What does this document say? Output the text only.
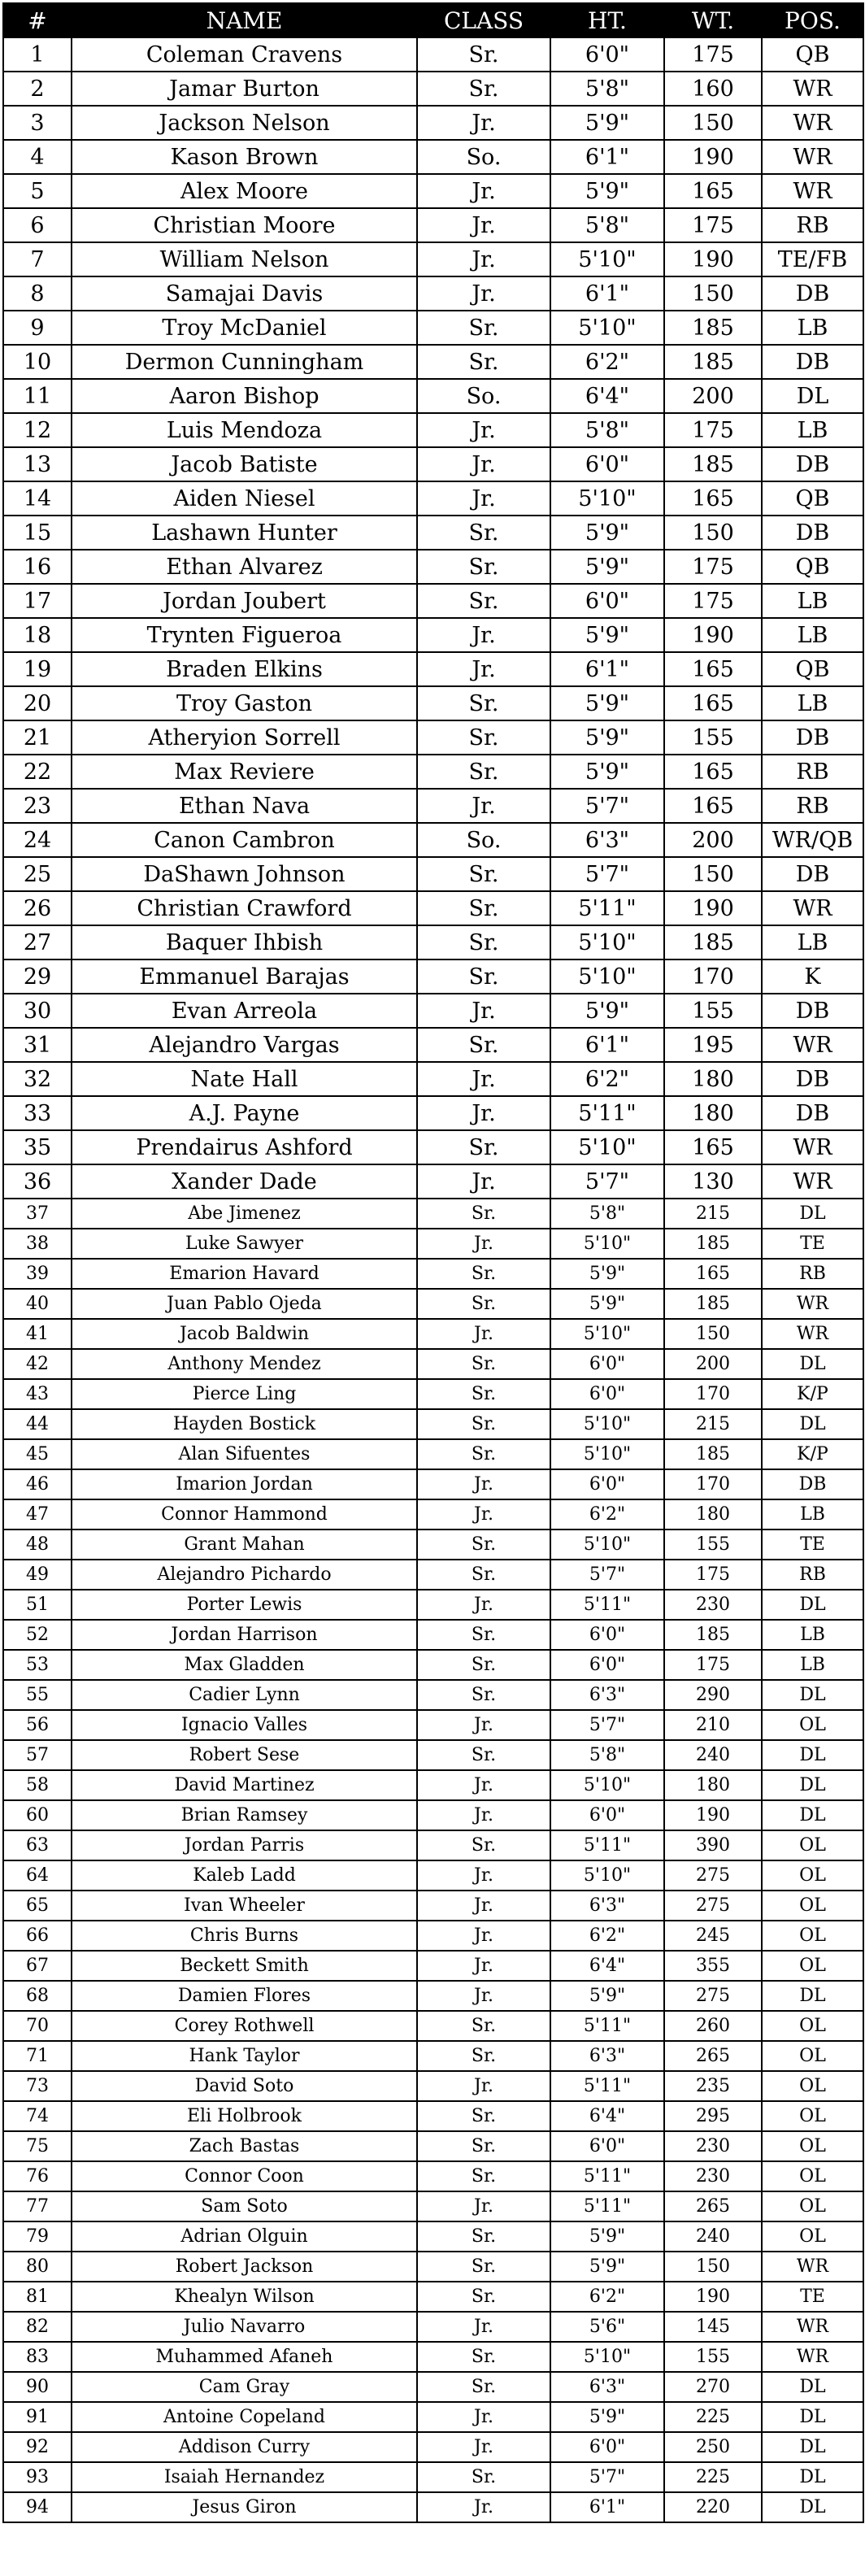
#	NAME	CLASS	HT.	WT.	POS.
1	Coleman Cravens	Sr.	6'0"	175	QB
2	Jamar Burton	Sr.	5'8"	160	WR
3	Jackson Nelson	Jr.	5'9"	150	WR
4	Kason Brown	So.	6'1"	190	WR
5	Alex Moore	Jr.	5'9"	165	WR
6	Christian Moore	Jr.	5'8"	175	RB
7	William Nelson	Jr.	5'10"	190	TE/FB
8	Samajai Davis	Jr.	6'1"	150	DB
9	Troy McDaniel	Sr.	5'10"	185	LB
10	Dermon Cunningham	Sr.	6'2"	185	DB
11	Aaron Bishop	So.	6'4"	200	DL
12	Luis Mendoza	Jr.	5'8"	175	LB
13	Jacob Batiste	Jr.	6'0"	185	DB
14	Aiden Niesel	Jr.	5'10"	165	QB
15	Lashawn Hunter	Sr.	5'9"	150	DB
16	Ethan Alvarez	Sr.	5'9"	175	QB
17	Jordan Joubert	Sr.	6'0"	175	LB
18	Trynten Figueroa	Jr.	5'9"	190	LB
19	Braden Elkins	Jr.	6'1"	165	QB
20	Troy Gaston	Sr.	5'9"	165	LB
21	Atheryion Sorrell	Sr.	5'9"	155	DB
22	Max Reviere	Sr.	5'9"	165	RB
23	Ethan Nava	Jr.	5'7"	165	RB
24	Canon Cambron	So.	6'3"	200	WR/QB
25	DaShawn Johnson	Sr.	5'7"	150	DB
26	Christian Crawford	Sr.	5'11"	190	WR
27	Baquer Ihbish	Sr.	5'10"	185	LB
29	Emmanuel Barajas	Sr.	5'10"	170	K
30	Evan Arreola	Jr.	5'9"	155	DB
31	Alejandro Vargas	Sr.	6'1"	195	WR
32	Nate Hall	Jr.	6'2"	180	DB
33	A.J. Payne	Jr.	5'11"	180	DB
35	Prendairus Ashford	Sr.	5'10"	165	WR
36	Xander Dade	Jr.	5'7"	130	WR
37	Abe Jimenez	Sr.	5'8"	215	DL
38	Luke Sawyer	Jr.	5'10"	185	TE
39	Emarion Havard	Sr.	5'9"	165	RB
40	Juan Pablo Ojeda	Sr.	5'9"	185	WR
41	Jacob Baldwin	Jr.	5'10"	150	WR
42	Anthony Mendez	Sr.	6'0"	200	DL
43	Pierce Ling	Sr.	6'0"	170	K/P
44	Hayden Bostick	Sr.	5'10"	215	DL
45	Alan Sifuentes	Sr.	5'10"	185	K/P
46	Imarion Jordan	Jr.	6'0"	170	DB
47	Connor Hammond	Jr.	6'2"	180	LB
48	Grant Mahan	Sr.	5'10"	155	TE
49	Alejandro Pichardo	Sr.	5'7"	175	RB
51	Porter Lewis	Jr.	5'11"	230	DL
52	Jordan Harrison	Sr.	6'0"	185	LB
53	Max Gladden	Sr.	6'0"	175	LB
55	Cadier Lynn	Sr.	6'3"	290	DL
56	Ignacio Valles	Jr.	5'7"	210	OL
57	Robert Sese	Sr.	5'8"	240	DL
58	David Martinez	Jr.	5'10"	180	DL
60	Brian Ramsey	Jr.	6'0"	190	DL
63	Jordan Parris	Sr.	5'11"	390	OL
64	Kaleb Ladd	Jr.	5'10"	275	OL
65	Ivan Wheeler	Jr.	6'3"	275	OL
66	Chris Burns	Jr.	6'2"	245	OL
67	Beckett Smith	Jr.	6'4"	355	OL
68	Damien Flores	Jr.	5'9"	275	DL
70	Corey Rothwell	Sr.	5'11"	260	OL
71	Hank Taylor	Sr.	6'3"	265	OL
73	David Soto	Jr.	5'11"	235	OL
74	Eli Holbrook	Sr.	6'4"	295	OL
75	Zach Bastas	Sr.	6'0"	230	OL
76	Connor Coon	Sr.	5'11"	230	OL
77	Sam Soto	Jr.	5'11"	265	OL
79	Adrian Olguin	Sr.	5'9"	240	OL
80	Robert Jackson	Sr.	5'9"	150	WR
81	Khealyn Wilson	Sr.	6'2"	190	TE
82	Julio Navarro	Jr.	5'6"	145	WR
83	Muhammed Afaneh	Sr.	5'10"	155	WR
90	Cam Gray	Sr.	6'3"	270	DL
91	Antoine Copeland	Jr.	5'9"	225	DL
92	Addison Curry	Jr.	6'0"	250	DL
93	Isaiah Hernandez	Sr.	5'7"	225	DL
94	Jesus Giron	Jr.	6'1"	220	DL
